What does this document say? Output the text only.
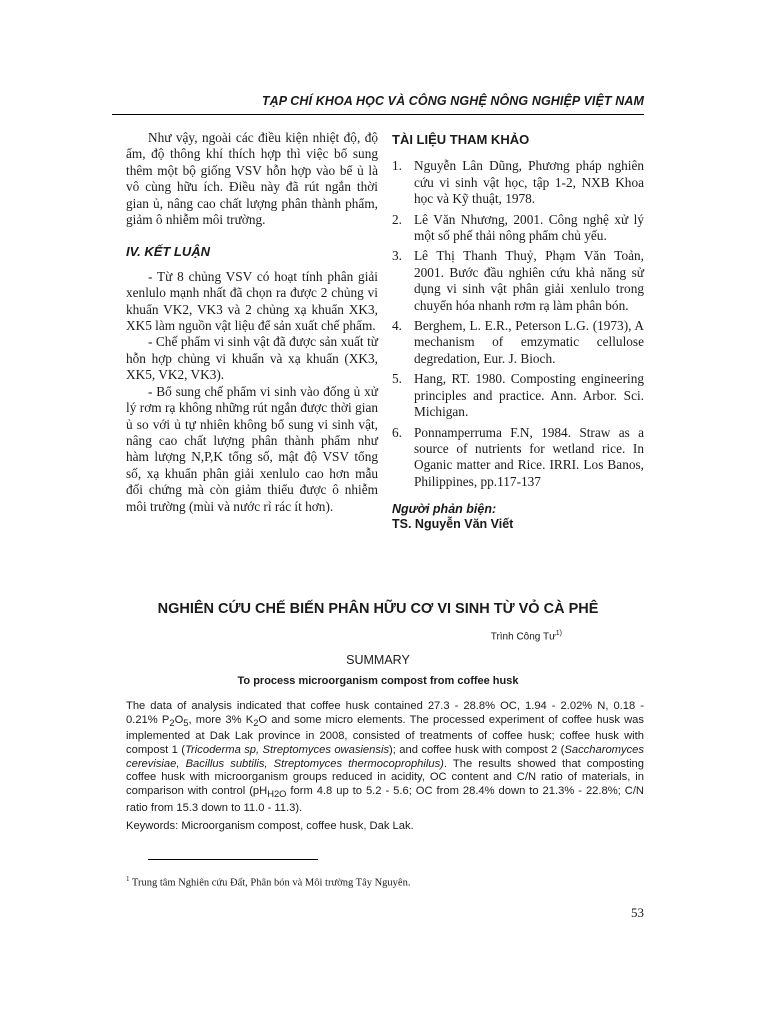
TẠP CHÍ KHOA HỌC VÀ CÔNG NGHỆ NÔNG NGHIỆP VIỆT NAM

Như vậy, ngoài các điều kiện nhiệt độ, độ ẩm, độ thông khí thích hợp thì việc bổ sung thêm một bộ giống VSV hỗn hợp vào bể ủ là vô cùng hữu ích. Điều này đã rút ngắn thời gian ủ, nâng cao chất lượng phân thành phẩm, giảm ô nhiễm môi trường.

IV. KẾT LUẬN

- Từ 8 chủng VSV có hoạt tính phân giải xenlulo mạnh nhất đã chọn ra được 2 chủng vi khuẩn VK2, VK3 và 2 chủng xạ khuẩn XK3, XK5 làm nguồn vật liệu để sản xuất chế phẩm.

- Chế phẩm vi sinh vật đã được sản xuất từ hỗn hợp chủng vi khuẩn và xạ khuẩn (XK3, XK5, VK2, VK3).

- Bổ sung chế phẩm vi sinh vào đống ủ xử lý rơm rạ không những rút ngắn được thời gian ủ so với ủ tự nhiên không bổ sung vi sinh vật, nâng cao chất lượng phân thành phẩm như hàm lượng N,P,K tổng số, mật độ VSV tổng số, xạ khuẩn phân giải xenlulo cao hơn mẫu đối chứng mà còn giảm thiểu được ô nhiễm môi trường (mùi và nước rỉ rác ít hơn).

TÀI LIỆU THAM KHẢO
1. Nguyễn Lân Dũng, Phương pháp nghiên cứu vi sinh vật học, tập 1-2, NXB Khoa học và Kỹ thuật, 1978.
2. Lê Văn Nhương, 2001. Công nghệ xử lý một số phế thải nông phẩm chủ yếu.
3. Lê Thị Thanh Thuỷ, Phạm Văn Toản, 2001. Bước đầu nghiên cứu khả năng sử dụng vi sinh vật phân giải xenlulo trong chuyển hóa nhanh rơm rạ làm phân bón.
4. Berghem, L. E.R., Peterson L.G. (1973), A mechanism of emzymatic cellulose degredation, Eur. J. Bioch.
5. Hang, RT. 1980. Composting engineering principles and practice. Ann. Arbor. Sci. Michigan.
6. Ponnamperruma F.N, 1984. Straw as a source of nutrients for wetland rice. In Oganic matter and Rice. IRRI. Los Banos, Philippines, pp.117-137
Người phản biện:
TS. Nguyễn Văn Viết
NGHIÊN CỨU CHẾ BIẾN PHÂN HỮU CƠ VI SINH TỪ VỎ CÀ PHÊ
Trình Công $Tư^{1)}$
SUMMARY
To process microorganism compost from coffee husk

The data of analysis indicated that coffee husk contained 27.3 - 28.8% OC, 1.94 - 2.02% N, 0.18 - 0.21% $P_2O_5$, more 3% $K_2O$ and some micro elements. The processed experiment of coffee husk was implemented at Dak Lak province in 2008, consisted of treatments of coffee husk; coffee husk with compost 1 (Tricoderma sp, Streptomyces owasiensis); and coffee husk with compost 2 (Saccharomyces cerevisiae, Bacillus subtilis, Streptomyces thermocoprophilus). The results showed that composting coffee husk with microorganism groups reduced in acidity, OC content and C/N ratio of materials, in comparison with control ($pH_{H2O}$ form 4.8 up to 5.2 - 5.6; OC from 28.4% down to 21.3% - 22.8%; C/N ratio from 15.3 down to 11.0 - 11.3).

Keywords: Microorganism compost, coffee husk, Dak Lak.
$^1$ Trung tâm Nghiên cứu Đất, Phân bón và Môi trường Tây Nguyên.
53
